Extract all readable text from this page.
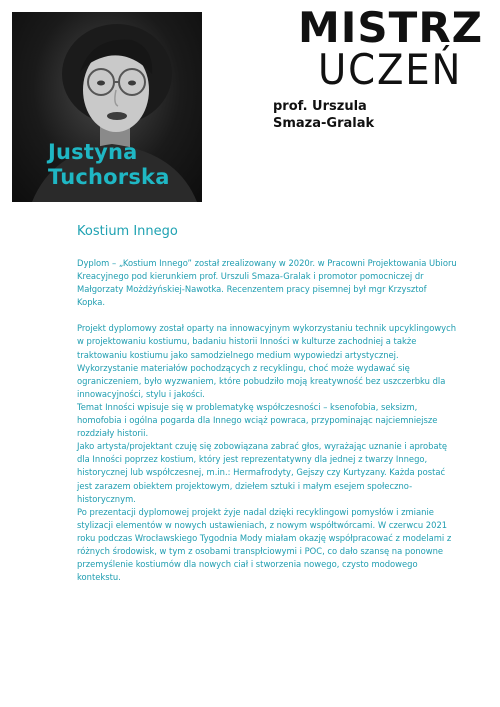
Justyna
Tuchorska
MISTRZ
UCZEŃ
prof. Urszula
Smaza-Gralak
Kostium Innego

Dyplom – „Kostium Innego” został zrealizowany w 2020r. w Pracowni Projektowania Ubioru Kreacyjnego pod kierunkiem prof. Urszuli Smaza-Gralak i promotor pomocniczej dr Małgorzaty Możdżyńskiej-Nawotka. Recenzentem pracy pisemnej był mgr Krzysztof Kopka.

Projekt dyplomowy został oparty na innowacyjnym wykorzystaniu technik upcyklingowych w projektowaniu kostiumu, badaniu historii Inności w kulturze zachodniej a także traktowaniu kostiumu jako samodzielnego medium wypowiedzi artystycznej.

Wykorzystanie materiałów pochodzących z recyklingu, choć może wydawać się ograniczeniem, było wyzwaniem, które pobudziło moją kreatywność bez uszczerbku dla innowacyjności, stylu i jakości.

Temat Inności wpisuje się w problematykę współczesności – ksenofobia, seksizm, homofobia i ogólna pogarda dla Innego wciąż powraca, przypominając najciemniejsze rozdziały historii.

Jako artysta/projektant czuję się zobowiązana zabrać głos, wyrażając uznanie i aprobatę dla Inności poprzez kostium, który jest reprezentatywny dla jednej z twarzy Innego, historycznej lub współczesnej, m.in.: Hermafrodyty, Gejszy czy Kurtyzany. Każda postać jest zarazem obiektem projektowym, dziełem sztuki i małym esejem społeczno-historycznym.

Po prezentacji dyplomowej projekt żyje nadal dzięki recyklingowi pomysłów i zmianie stylizacji elementów w nowych ustawieniach, z nowym współtwórcami. W czerwcu 2021 roku podczas Wrocławskiego Tygodnia Mody miałam okazję współpracować z modelami z różnych środowisk, w tym z osobami transpłciowymi i POC, co dało szansę na ponowne przemyślenie kostiumów dla nowych ciał i stworzenia nowego, czysto modowego kontekstu.
